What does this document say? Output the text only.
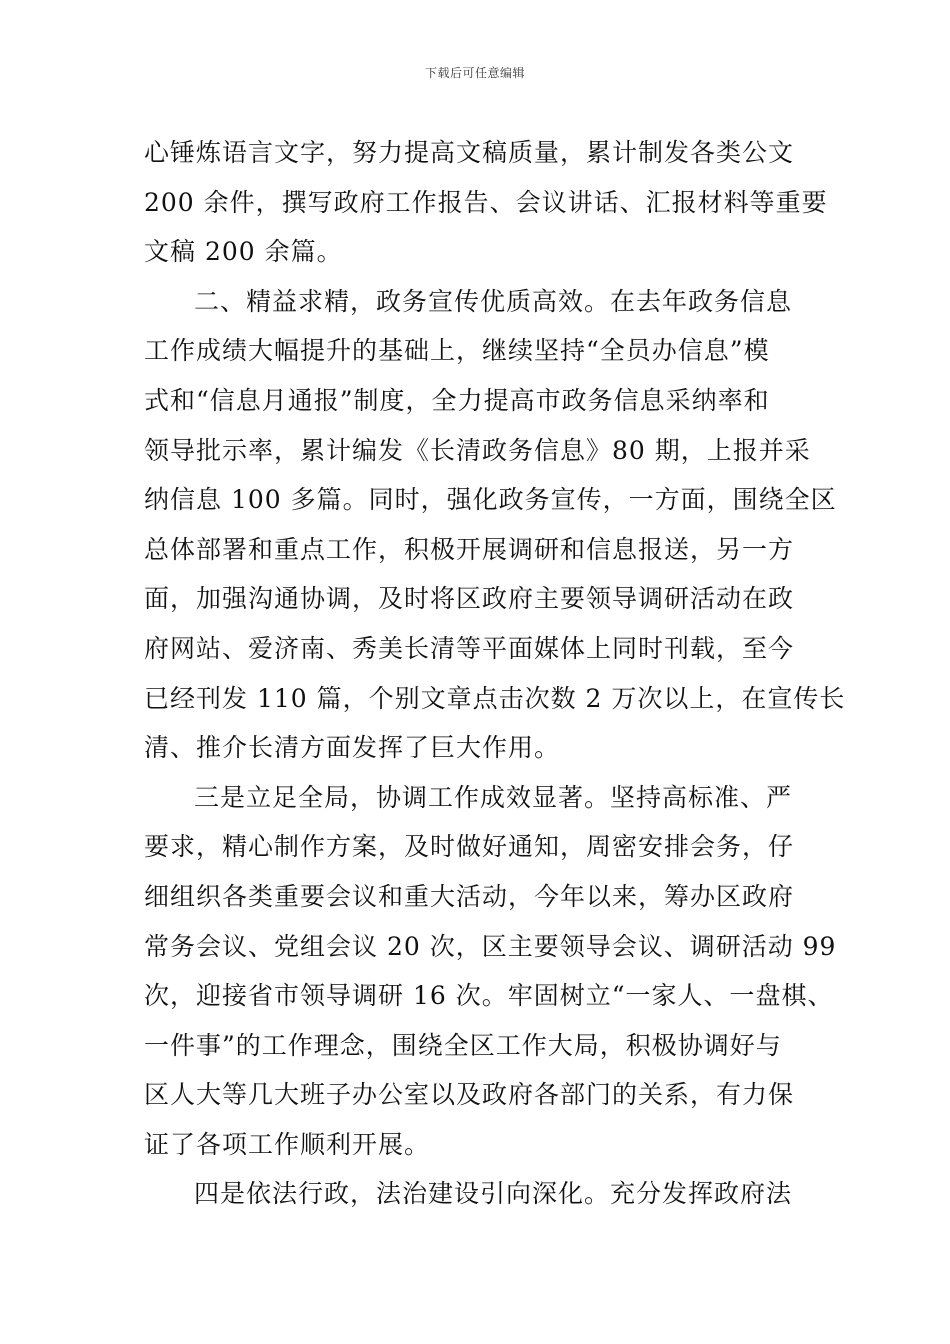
下载后可任意编辑
心锤炼语言文字，努力提高文稿质量，累计制发各类公文
200 余件，撰写政府工作报告、会议讲话、汇报材料等重要
文稿 200 余篇。
二、精益求精，政务宣传优质高效。在去年政务信息
工作成绩大幅提升的基础上，继续坚持“全员办信息”模
式和“信息月通报”制度，全力提高市政务信息采纳率和
领导批示率，累计编发《长清政务信息》80 期，上报并采
纳信息 100 多篇。同时，强化政务宣传，一方面，围绕全区
总体部署和重点工作，积极开展调研和信息报送，另一方
面，加强沟通协调，及时将区政府主要领导调研活动在政
府网站、爱济南、秀美长清等平面媒体上同时刊载，至今
已经刊发 110 篇，个别文章点击次数 2 万次以上，在宣传长
清、推介长清方面发挥了巨大作用。
三是立足全局，协调工作成效显著。坚持高标准、严
要求，精心制作方案，及时做好通知，周密安排会务，仔
细组织各类重要会议和重大活动，今年以来，筹办区政府
常务会议、党组会议 20 次，区主要领导会议、调研活动 99
次，迎接省市领导调研 16 次。牢固树立“一家人、一盘棋、
一件事”的工作理念，围绕全区工作大局，积极协调好与
区人大等几大班子办公室以及政府各部门的关系，有力保
证了各项工作顺利开展。
四是依法行政，法治建设引向深化。充分发挥政府法
